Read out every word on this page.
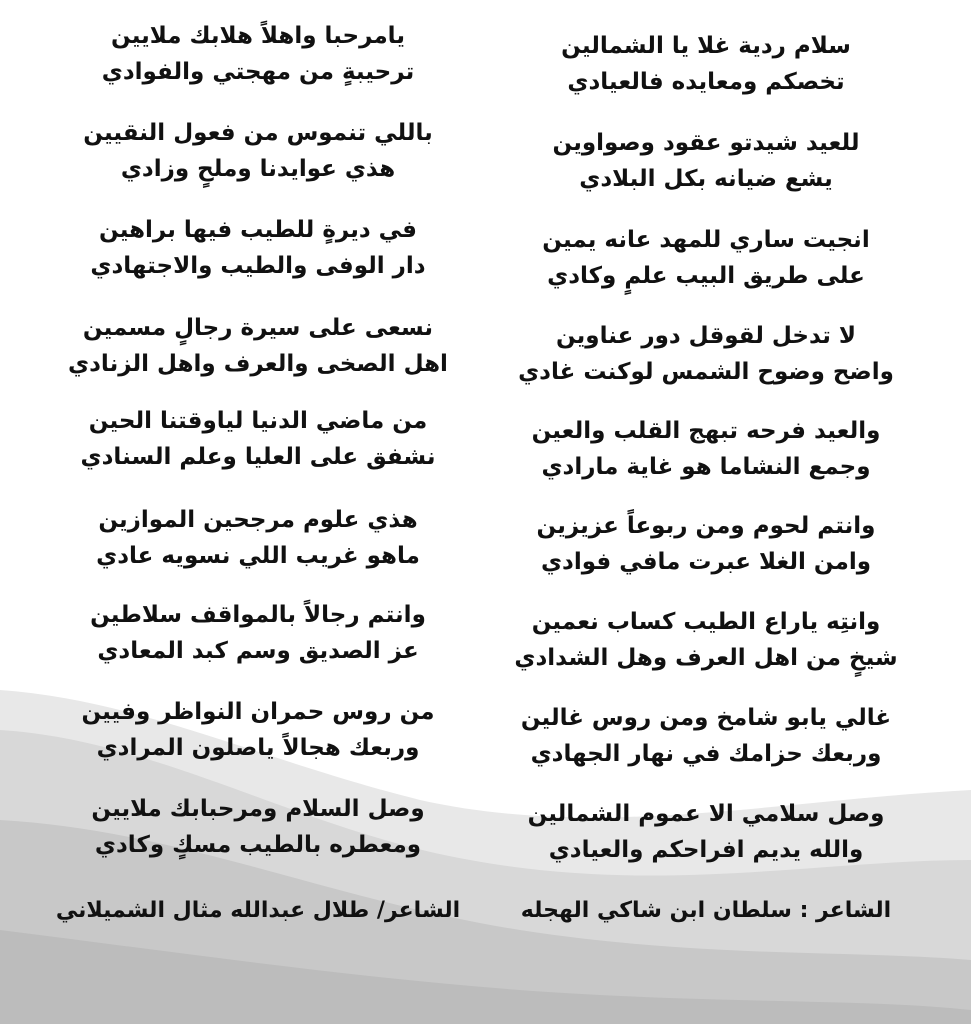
سلام ردية غلا يا الشمالين
تخصكم ومعايده فالعيادي
للعيد شيدتو عقود وصواوين
يشع ضيانه بكل البلادي
انجيت ساري للمهد عانه يمين
على طريق البيب علمٍ وكادي
لا تدخل لقوقل دور عناوين
واضح وضوح الشمس لوكنت غادي
والعيد فرحه تبهج القلب والعين
وجمع النشاما هو غاية مارادي
وانتم لحوم ومن ربوعاً عزيزين
وامن الغلا عبرت مافي فوادي
وانتِه ياراع الطيب كساب نعمين
شيخٍ من اهل العرف وهل الشدادي
غالي يابو شامخ ومن روس غالين
وربعك حزامك في نهار الجهادي
وصل سلامي الا عموم الشمالين
والله يديم افراحكم والعيادي
الشاعر : سلطان ابن شاكي الهجله
يامرحبا واهلاً هلابك ملايين
ترحيبةٍ من مهجتي والفوادي
باللي تنموس من فعول النقيين
هذي عوايدنا وملحٍ وزادي
في ديرةٍ للطيب فيها براهين
دار الوفى والطيب والاجتهادي
نسعى على سيرة رجالٍ مسمين
اهل الصخى والعرف واهل الزنادي
من ماضي الدنيا لياوقتنا الحين
نشفق على العليا وعلم السنادي
هذي علوم مرجحين الموازين
ماهو غريب اللي نسويه عادي
وانتم رجالاً بالمواقف سلاطين
عز الصديق وسم كبد المعادي
من روس حمران النواظر وفيين
وربعك هجالاً ياصلون المرادي
وصل السلام ومرحبابك ملايين
ومعطره بالطيب مسكٍ وكادي
الشاعر/ طلال عبدالله مثال الشميلاني
